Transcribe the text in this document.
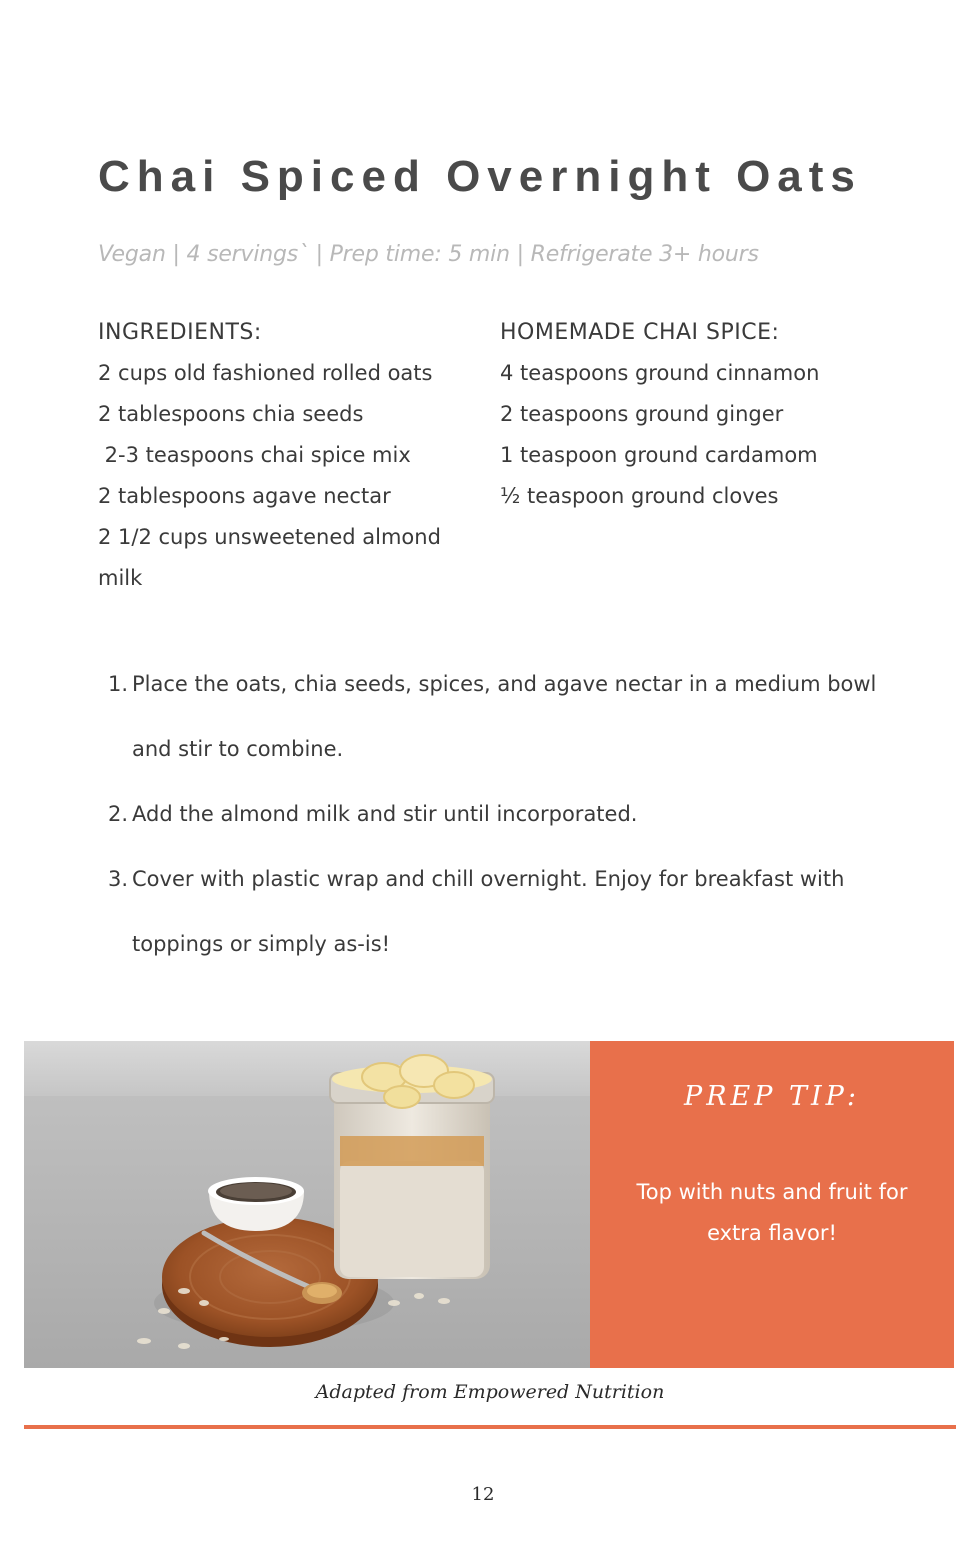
Chai Spiced Overnight Oats
Vegan | 4 servings` | Prep time: 5 min | Refrigerate 3+ hours
INGREDIENTS:
2 cups old fashioned rolled oats
2 tablespoons chia seeds
2-3 teaspoons chai spice mix
2 tablespoons agave nectar
2 1/2 cups unsweetened almond milk
HOMEMADE CHAI SPICE:
4 teaspoons ground cinnamon
2 teaspoons ground ginger
1 teaspoon ground cardamom
½ teaspoon ground cloves
1. Place the oats, chia seeds, spices, and agave nectar in a medium bowl and stir to combine.
2. Add the almond milk and stir until incorporated.
3. Cover with plastic wrap and chill overnight. Enjoy for breakfast with toppings or simply as-is!
PREP TIP:
Top with nuts and fruit for extra flavor!
Adapted from Empowered Nutrition
12
